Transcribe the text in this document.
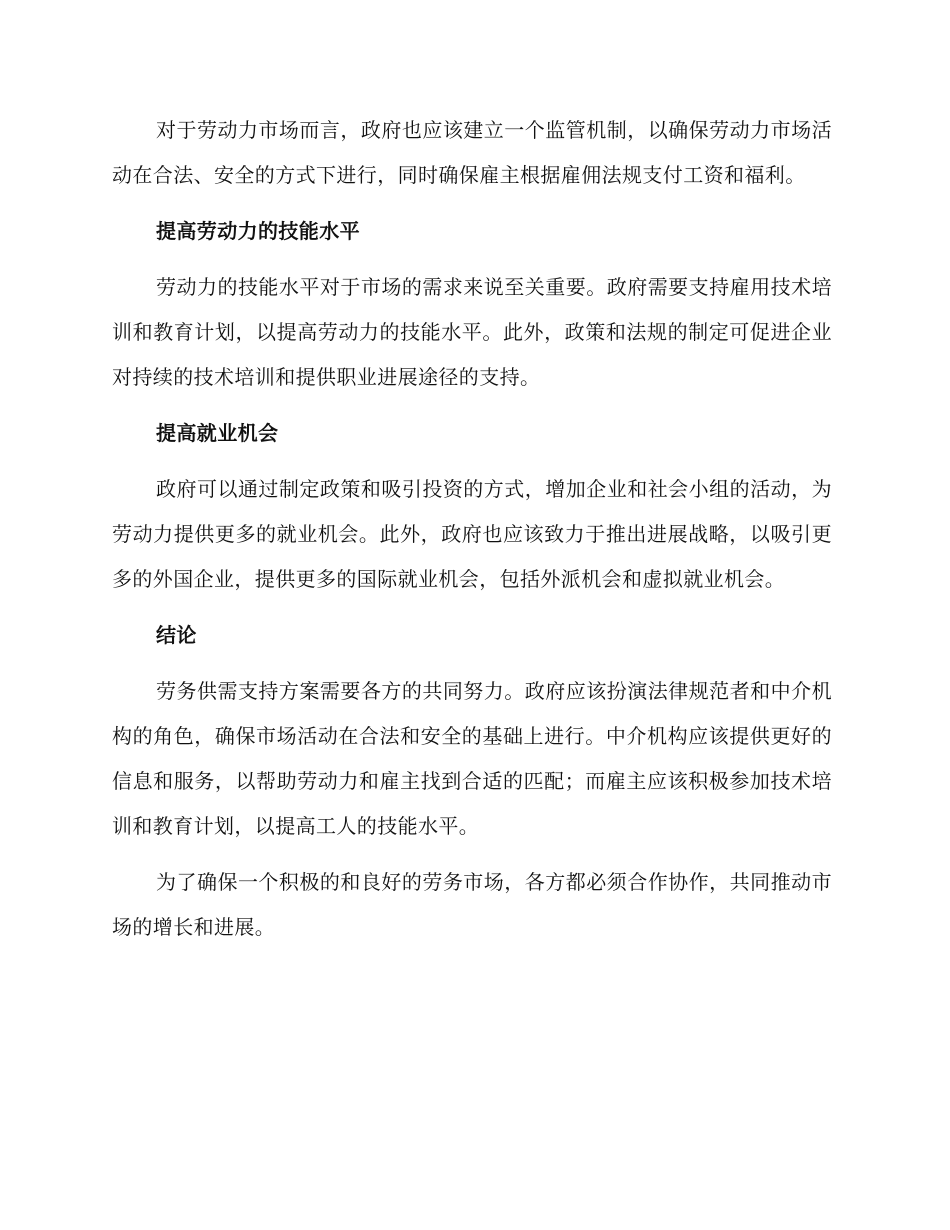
对于劳动力市场而言，政府也应该建立一个监管机制，以确保劳动力市场活动在合法、安全的方式下进行，同时确保雇主根据雇佣法规支付工资和福利。

提高劳动力的技能水平

劳动力的技能水平对于市场的需求来说至关重要。政府需要支持雇用技术培训和教育计划，以提高劳动力的技能水平。此外，政策和法规的制定可促进企业对持续的技术培训和提供职业进展途径的支持。

提高就业机会

政府可以通过制定政策和吸引投资的方式，增加企业和社会小组的活动，为劳动力提供更多的就业机会。此外，政府也应该致力于推出进展战略，以吸引更多的外国企业，提供更多的国际就业机会，包括外派机会和虚拟就业机会。

结论

劳务供需支持方案需要各方的共同努力。政府应该扮演法律规范者和中介机构的角色，确保市场活动在合法和安全的基础上进行。中介机构应该提供更好的信息和服务，以帮助劳动力和雇主找到合适的匹配；而雇主应该积极参加技术培训和教育计划，以提高工人的技能水平。

为了确保一个积极的和良好的劳务市场，各方都必须合作协作，共同推动市场的增长和进展。
